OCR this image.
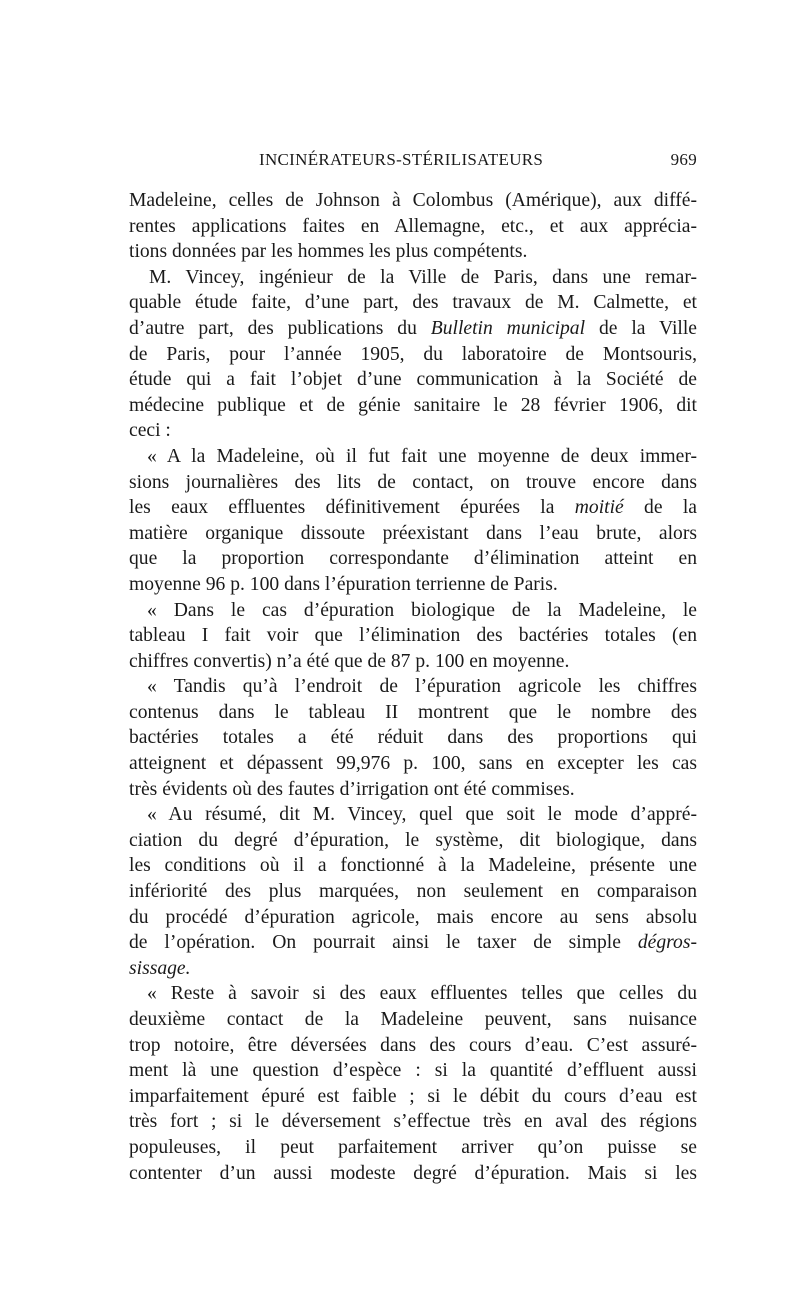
INCINÉRATEURS-STÉRILISATEURS	969
Madeleine, celles de Johnson à Colombus (Amérique), aux diffé-
rentes applications faites en Allemagne, etc., et aux apprécia-
tions données par les hommes les plus compétents.
M. Vincey, ingénieur de la Ville de Paris, dans une remar-
quable étude faite, d’une part, des travaux de M. Calmette, et
d’autre part, des publications du Bulletin municipal de la Ville
de Paris, pour l’année 1905, du laboratoire de Montsouris,
étude qui a fait l’objet d’une communication à la Société de
médecine publique et de génie sanitaire le 28 février 1906, dit
ceci :
« A la Madeleine, où il fut fait une moyenne de deux immer-
sions journalières des lits de contact, on trouve encore dans
les eaux effluentes définitivement épurées la moitié de la
matière organique dissoute préexistant dans l’eau brute, alors
que la proportion correspondante d’élimination atteint en
moyenne 96 p. 100 dans l’épuration terrienne de Paris.
« Dans le cas d’épuration biologique de la Madeleine, le
tableau I fait voir que l’élimination des bactéries totales (en
chiffres convertis) n’a été que de 87 p. 100 en moyenne.
« Tandis qu’à l’endroit de l’épuration agricole les chiffres
contenus dans le tableau II montrent que le nombre des
bactéries totales a été réduit dans des proportions qui
atteignent et dépassent 99,976 p. 100, sans en excepter les cas
très évidents où des fautes d’irrigation ont été commises.
« Au résumé, dit M. Vincey, quel que soit le mode d’appré-
ciation du degré d’épuration, le système, dit biologique, dans
les conditions où il a fonctionné à la Madeleine, présente une
infériorité des plus marquées, non seulement en comparaison
du procédé d’épuration agricole, mais encore au sens absolu
de l’opération. On pourrait ainsi le taxer de simple dégros-
sissage.
« Reste à savoir si des eaux effluentes telles que celles du
deuxième contact de la Madeleine peuvent, sans nuisance
trop notoire, être déversées dans des cours d’eau. C’est assuré-
ment là une question d’espèce : si la quantité d’effluent aussi
imparfaitement épuré est faible ; si le débit du cours d’eau est
très fort ; si le déversement s’effectue très en aval des régions
populeuses, il peut parfaitement arriver qu’on puisse se
contenter d’un aussi modeste degré d’épuration. Mais si les
